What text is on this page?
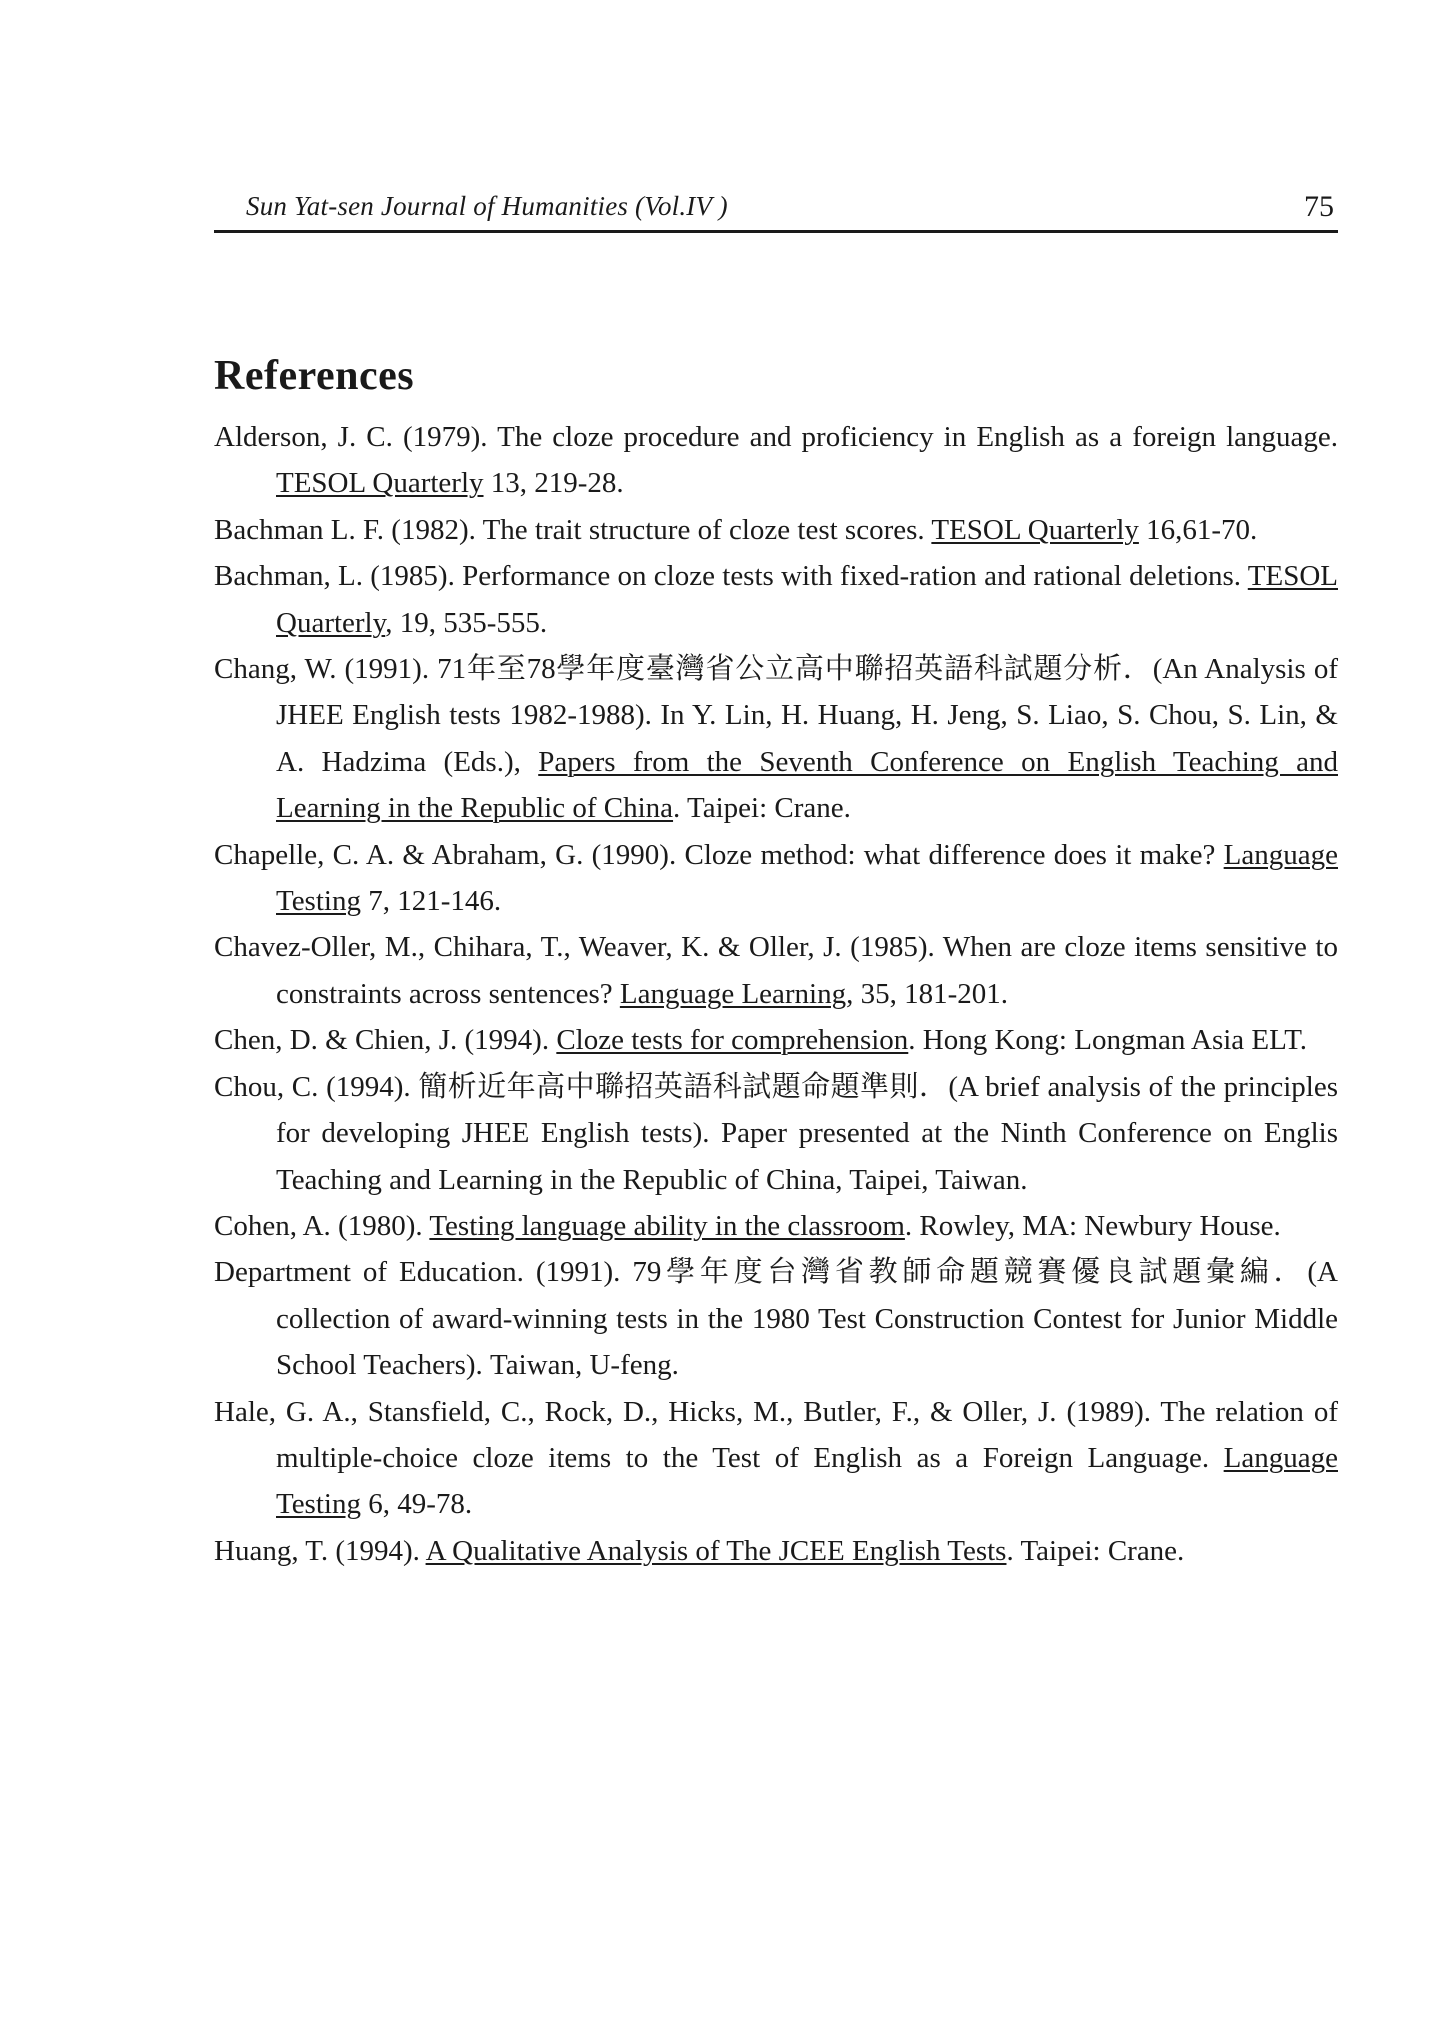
Sun Yat-sen Journal of Humanities (Vol.IV )	75
References
Alderson, J. C. (1979). The cloze procedure and proficiency in English as a foreign language. TESOL Quarterly 13, 219-28.
Bachman L. F. (1982). The trait structure of cloze test scores. TESOL Quarterly 16,61-70.
Bachman, L. (1985). Performance on cloze tests with fixed-ration and rational deletions. TESOL Quarterly, 19, 535-555.
Chang, W. (1991). 71年至78學年度臺灣省公立高中聯招英語科試題分析．(An Analysis of JHEE English tests 1982-1988). In Y. Lin, H. Huang, H. Jeng, S. Liao, S. Chou, S. Lin, & A. Hadzima (Eds.), Papers from the Seventh Conference on English Teaching and Learning in the Republic of China. Taipei: Crane.
Chapelle, C. A. & Abraham, G. (1990). Cloze method: what difference does it make? Language Testing 7, 121-146.
Chavez-Oller, M., Chihara, T., Weaver, K. & Oller, J. (1985). When are cloze items sensitive to constraints across sentences? Language Learning, 35, 181-201.
Chen, D. & Chien, J. (1994). Cloze tests for comprehension. Hong Kong: Longman Asia ELT.
Chou, C. (1994). 簡析近年高中聯招英語科試題命題準則．(A brief analysis of the principles for developing JHEE English tests). Paper presented at the Ninth Conference on Englis Teaching and Learning in the Republic of China, Taipei, Taiwan.
Cohen, A. (1980). Testing language ability in the classroom. Rowley, MA: Newbury House.
Department of Education. (1991). 79學年度台灣省教師命題競賽優良試題彙編．(A collection of award-winning tests in the 1980 Test Construction Contest for Junior Middle School Teachers). Taiwan, U-feng.
Hale, G. A., Stansfield, C., Rock, D., Hicks, M., Butler, F., & Oller, J. (1989). The relation of multiple-choice cloze items to the Test of English as a Foreign Language. Language Testing 6, 49-78.
Huang, T. (1994). A Qualitative Analysis of The JCEE English Tests. Taipei: Crane.
